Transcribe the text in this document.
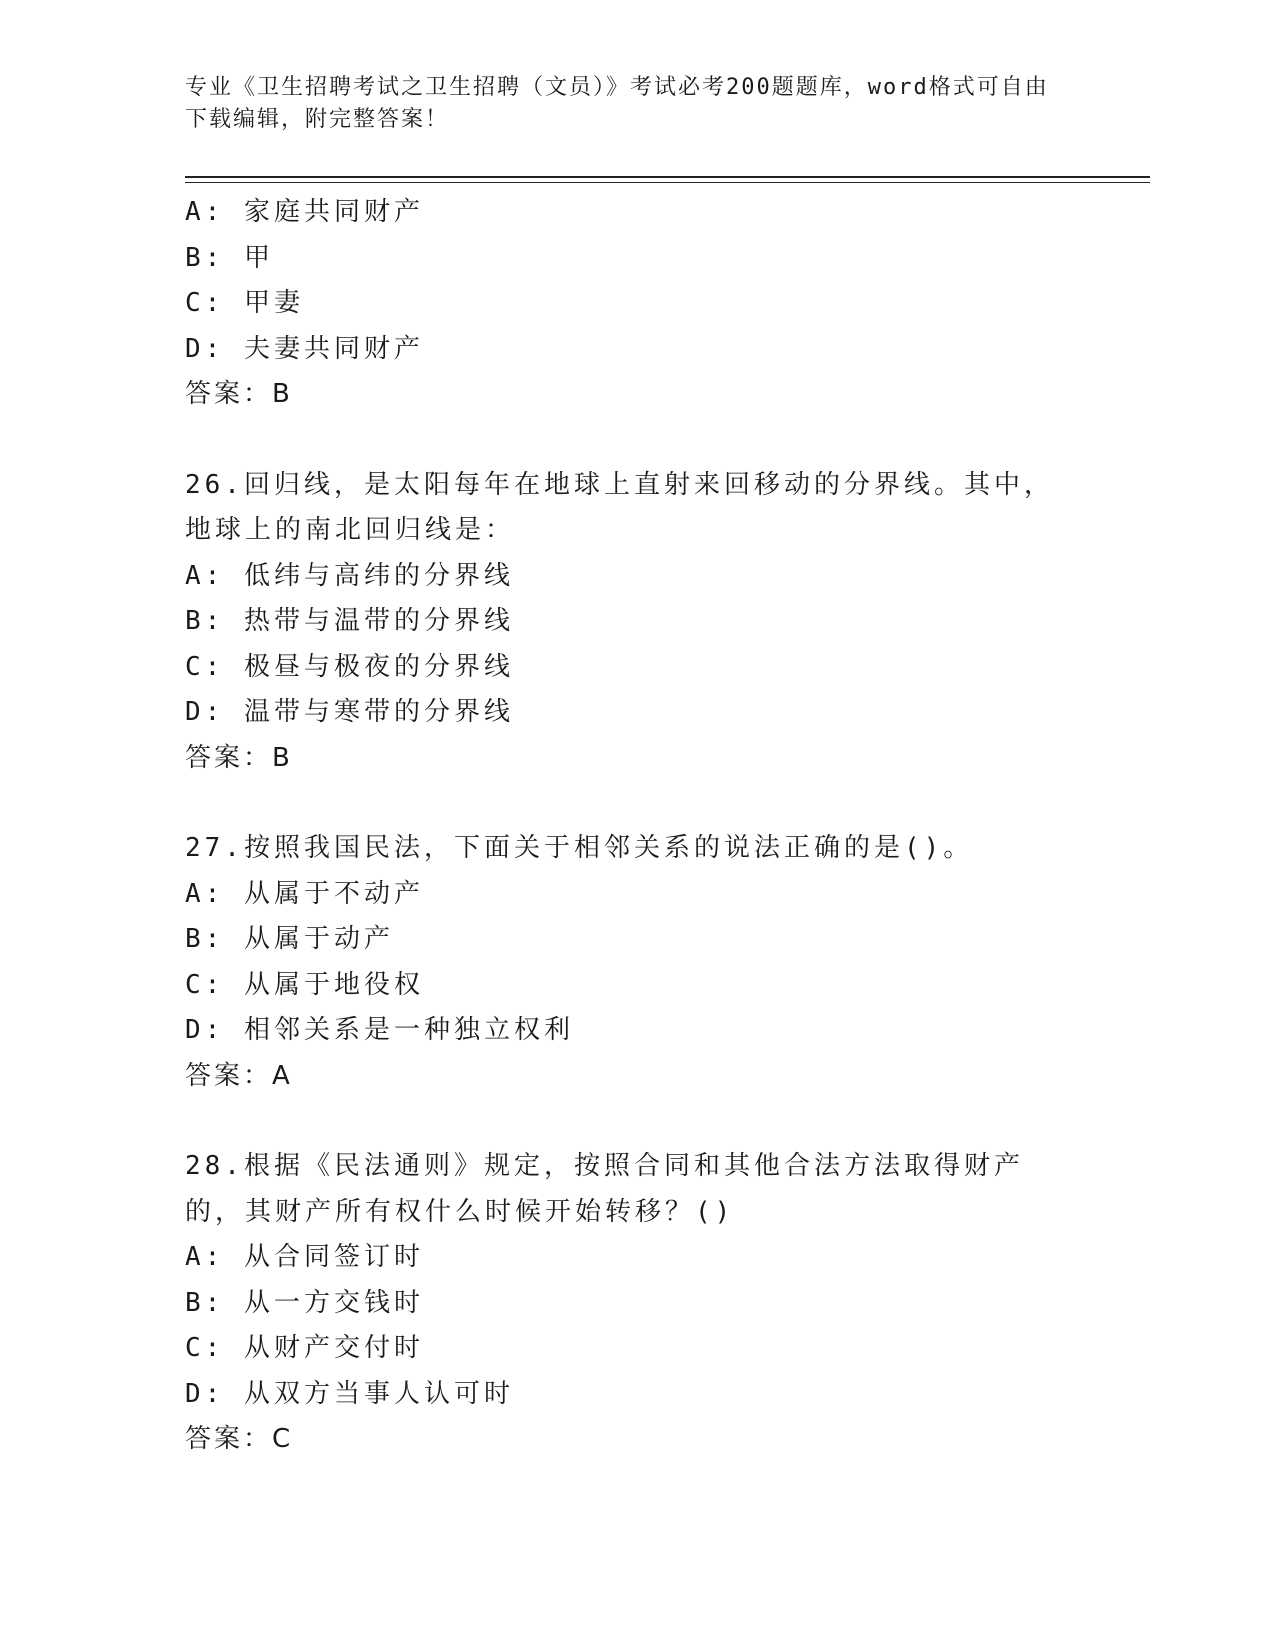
专业《卫生招聘考试之卫生招聘（文员）》考试必考200题题库，word格式可自由下载编辑，附完整答案！
A: 家庭共同财产
B: 甲
C: 甲妻
D: 夫妻共同财产
答案：B
26.回归线，是太阳每年在地球上直射来回移动的分界线。其中，地球上的南北回归线是：
A: 低纬与高纬的分界线
B: 热带与温带的分界线
C: 极昼与极夜的分界线
D: 温带与寒带的分界线
答案：B
27.按照我国民法，下面关于相邻关系的说法正确的是()。
A: 从属于不动产
B: 从属于动产
C: 从属于地役权
D: 相邻关系是一种独立权利
答案：A
28.根据《民法通则》规定，按照合同和其他合法方法取得财产的，其财产所有权什么时候开始转移？()
A: 从合同签订时
B: 从一方交钱时
C: 从财产交付时
D: 从双方当事人认可时
答案：C
